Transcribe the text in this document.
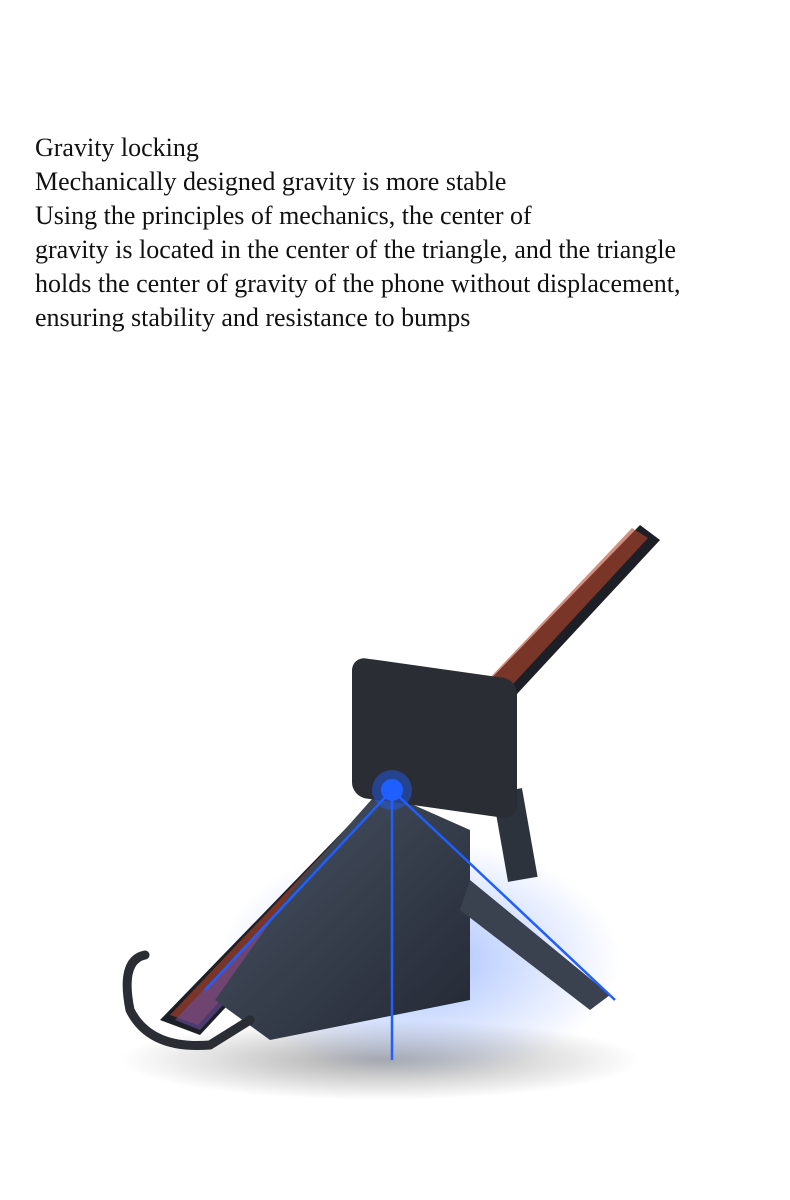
Gravity locking
Mechanically designed gravity is more stable
Using the principles of mechanics, the center of
gravity is located in the center of the triangle, and the triangle
holds the center of gravity of the phone without displacement,
ensuring stability and resistance to bumps
